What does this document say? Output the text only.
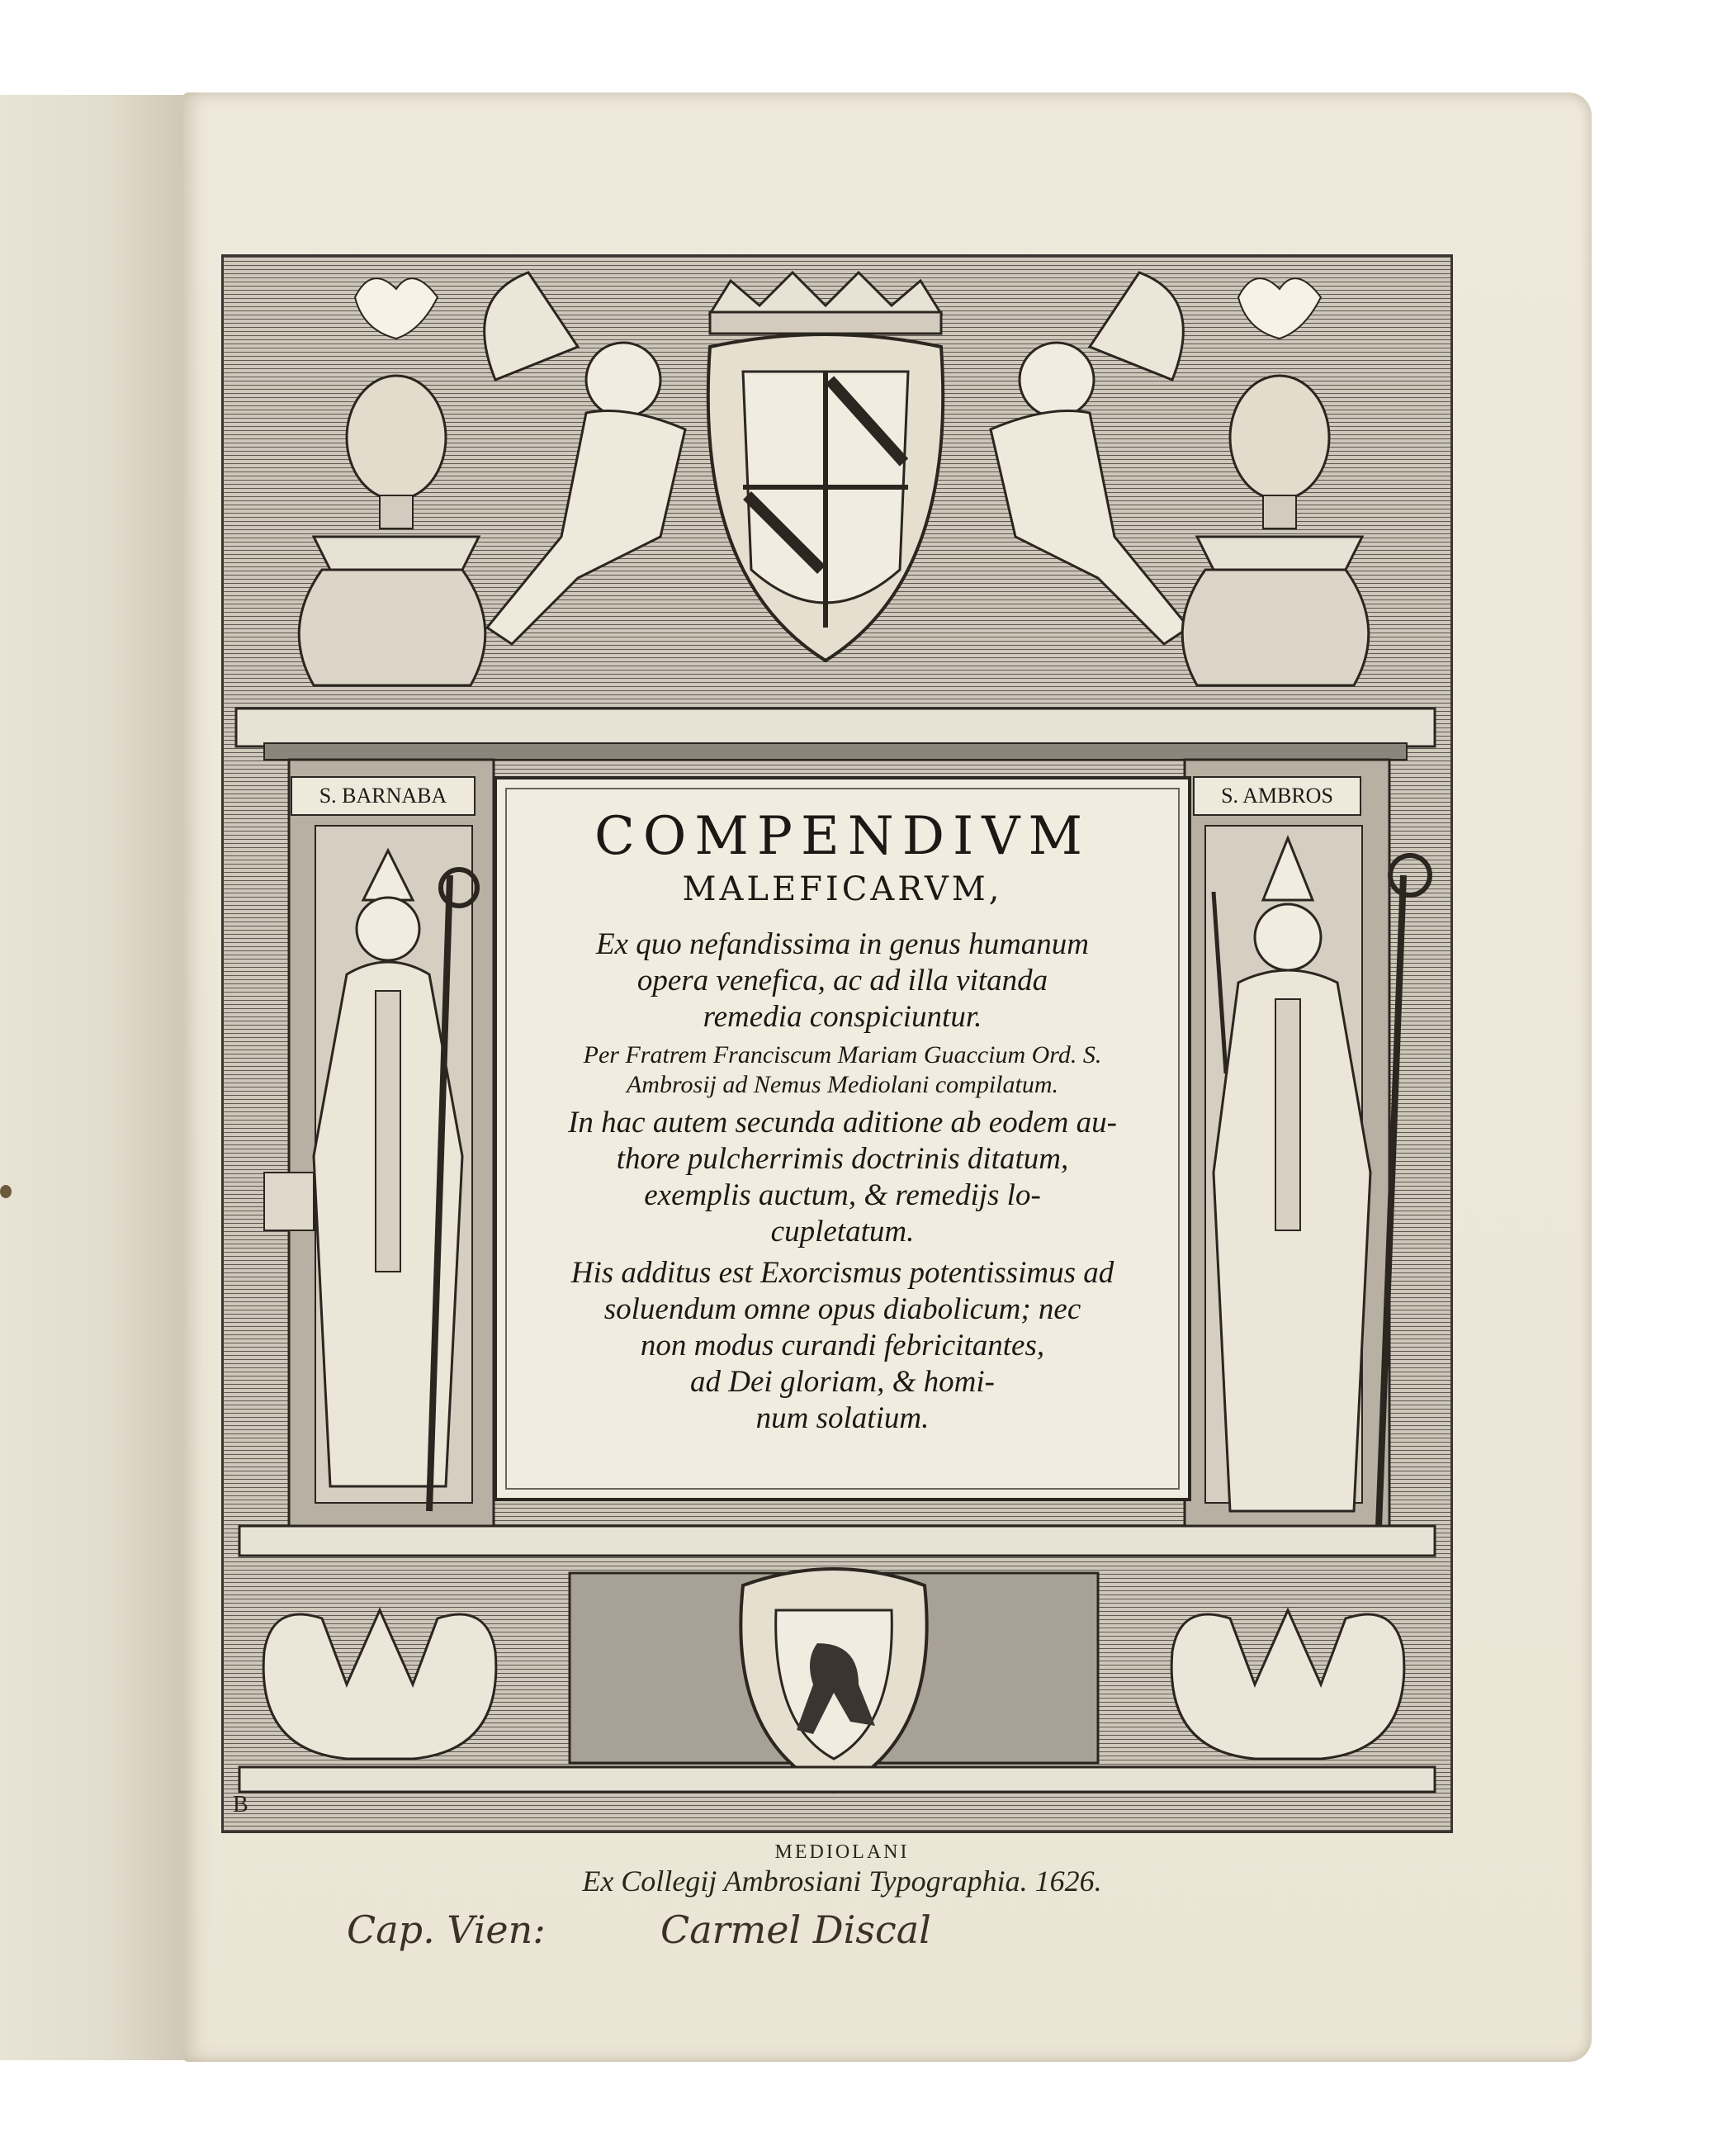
S. BARNABA	S. AMBROS
COMPENDIVM
MALEFICARVM,

Ex quo nefandissima in genus humanum
opera venefica, ac ad illa vitanda
remedia conspiciuntur.

Per Fratrem Franciscum Mariam Guaccium Ord. S.
Ambrosij ad Nemus Mediolani compilatum.

In hac autem secunda aditione ab eodem au-
thore pulcherrimis doctrinis ditatum,
exemplis auctum, & remedijs lo-
cupletatum.

His additus est Exorcismus potentissimus ad
soluendum omne opus diabolicum; nec
non modus curandi febricitantes,
ad Dei gloriam, & homi-
num solatium.

B
MEDIOLANI
Ex Collegij Ambrosiani Typographia. 1626.
Cap. Vien:	Carmel Discal
